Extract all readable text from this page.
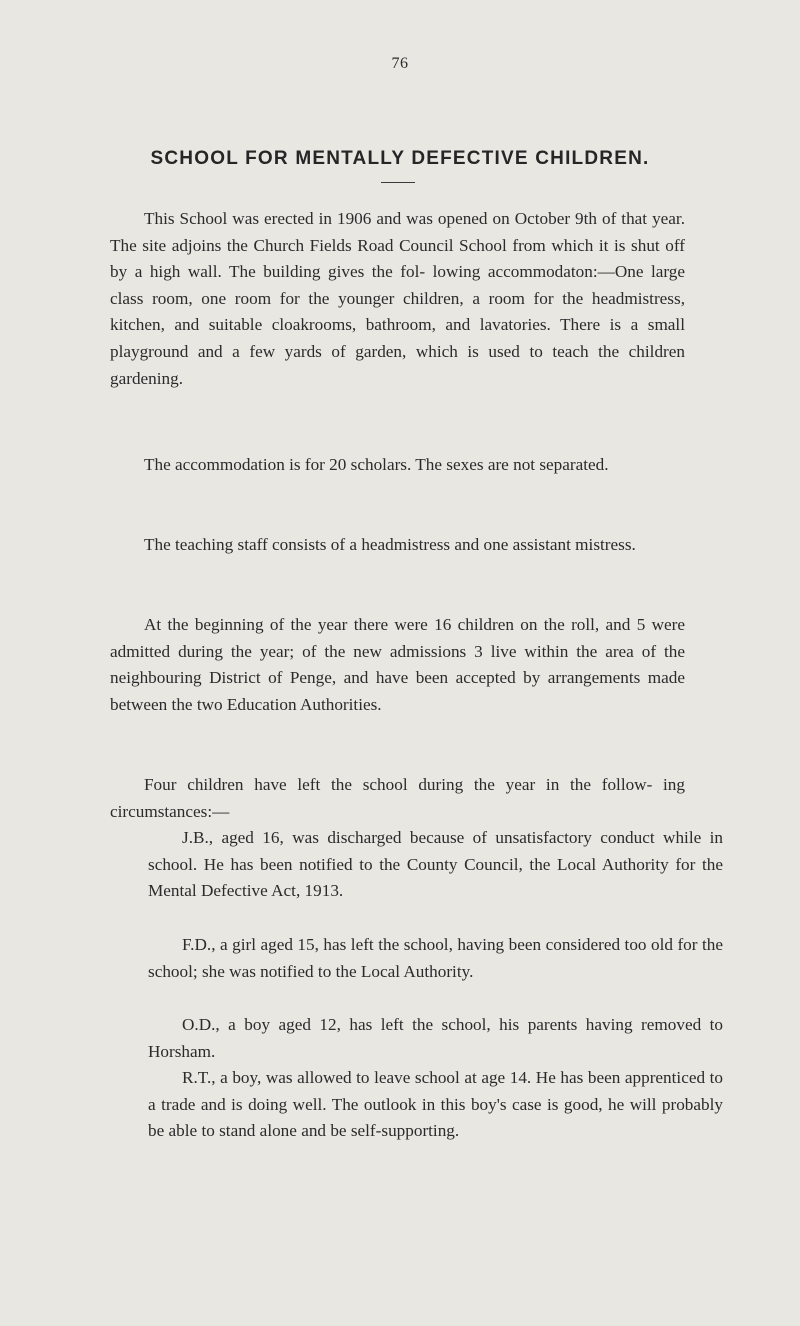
76
SCHOOL FOR MENTALLY DEFECTIVE CHILDREN.

This School was erected in 1906 and was opened on October 9th of that year. The site adjoins the Church Fields Road Council School from which it is shut off by a high wall. The building gives the fol- lowing accommodaton:—One large class room, one room for the younger children, a room for the headmistress, kitchen, and suitable cloakrooms, bathroom, and lavatories. There is a small playground and a few yards of garden, which is used to teach the children gardening.

The accommodation is for 20 scholars. The sexes are not separated.

The teaching staff consists of a headmistress and one assistant mistress.

At the beginning of the year there were 16 children on the roll, and 5 were admitted during the year; of the new admissions 3 live within the area of the neighbouring District of Penge, and have been accepted by arrangements made between the two Education Authorities.

Four children have left the school during the year in the follow- ing circumstances:—

J.B., aged 16, was discharged because of unsatisfactory conduct while in school. He has been notified to the County Council, the Local Authority for the Mental Defective Act, 1913.

F.D., a girl aged 15, has left the school, having been considered too old for the school; she was notified to the Local Authority.

O.D., a boy aged 12, has left the school, his parents having removed to Horsham.

R.T., a boy, was allowed to leave school at age 14. He has been apprenticed to a trade and is doing well. The outlook in this boy's case is good, he will probably be able to stand alone and be self-supporting.
